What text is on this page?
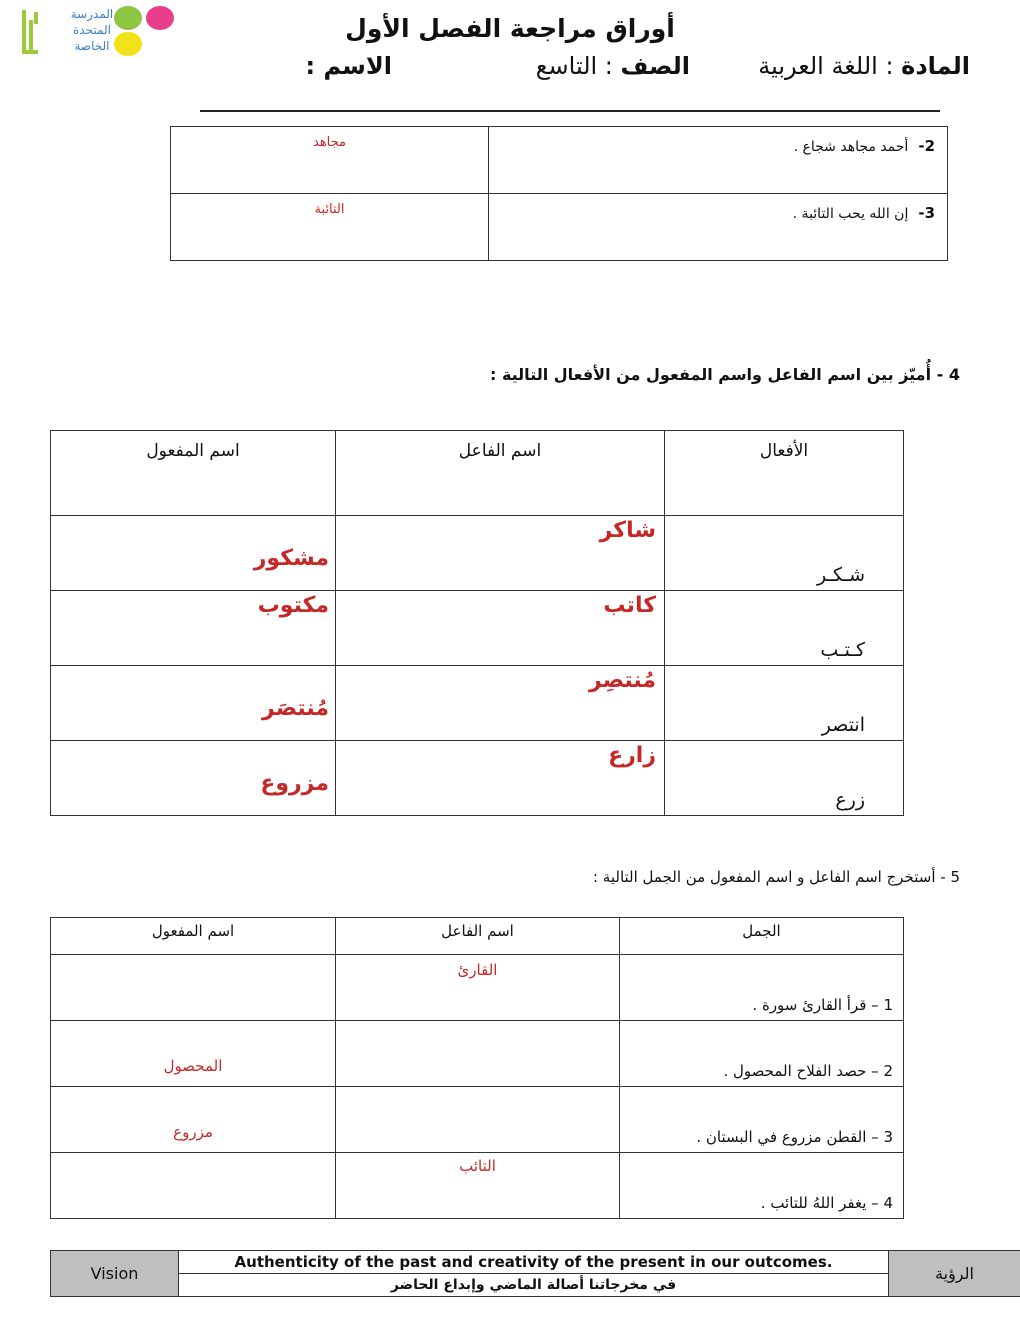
المدرسة
المتحدة
الخاصة
أوراق مراجعة الفصل الأول
المادة : اللغة العربية
الصف : التاسع
الاسم :
2-أحمد مجاهد شجاع .	مجاهد
3-إن الله يحب التائبة .	التائبة
4 - أُميّز بين اسم الفاعل واسم المفعول من الأفعال التالية :
الأفعال	اسم الفاعل	اسم المفعول

شـكـر	شاكر	مشكور

كـتـب	كاتب	مكتوب

انتصر	مُنتصِر	مُنتصَر

زرع	زارع	مزروع
5 - أستخرج اسم الفاعل و اسم المفعول من الجمل التالية :
الجمل	اسم الفاعل	اسم المفعول

1 – قرأ القارئ سورة .	القارئ	

2 – حصد الفلاح المحصول .		المحصول

3 – القطن مزروع في البستان .		مزروع

4 – يغفر اللهُ للتائب .	التائب	

Vision	Authenticity of the past and creativity of the present in our outcomes.	الرؤية
في مخرجاتنا أصالة الماضي وإبداع الحاضر
